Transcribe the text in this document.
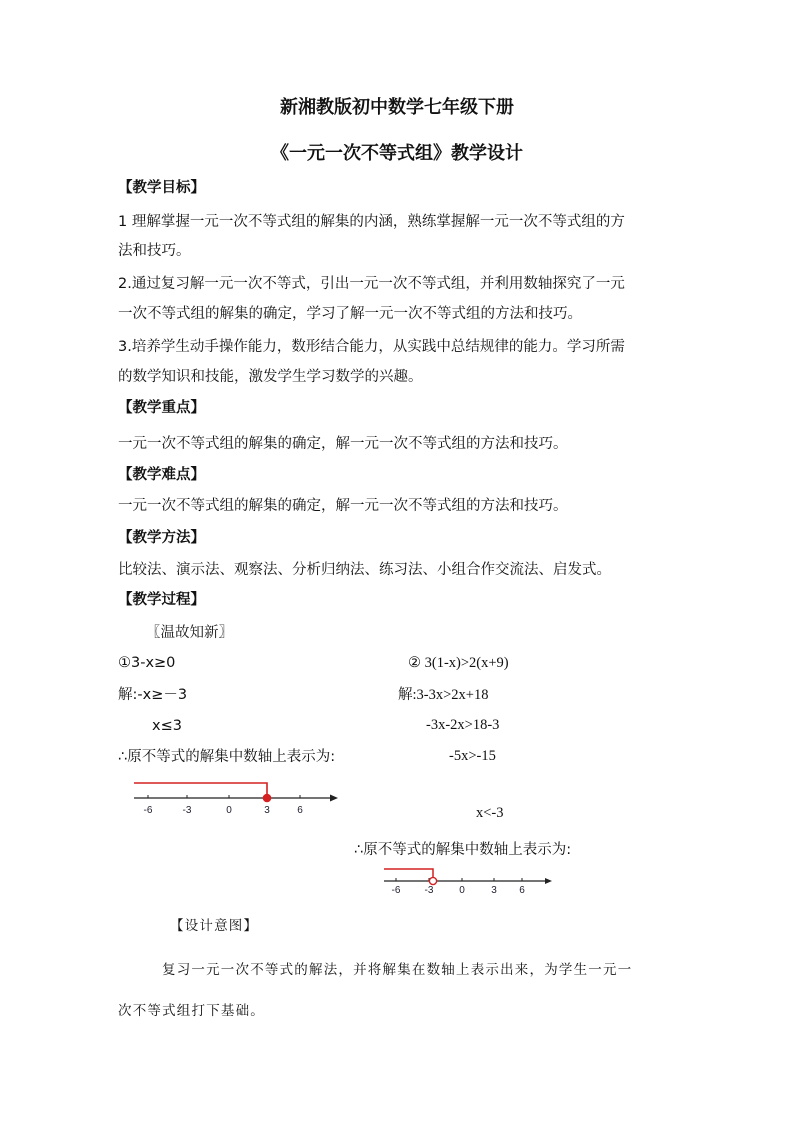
新湘教版初中数学七年级下册
《一元一次不等式组》教学设计
【教学目标】
1 理解掌握一元一次不等式组的解集的内涵，熟练掌握解一元一次不等式组的方
法和技巧。
2.通过复习解一元一次不等式，引出一元一次不等式组，并利用数轴探究了一元
一次不等式组的解集的确定，学习了解一元一次不等式组的方法和技巧。
3.培养学生动手操作能力，数形结合能力，从实践中总结规律的能力。学习所需
的数学知识和技能，激发学生学习数学的兴趣。
【教学重点】
一元一次不等式组的解集的确定，解一元一次不等式组的方法和技巧。
【教学难点】
一元一次不等式组的解集的确定，解一元一次不等式组的方法和技巧。
【教学方法】
比较法、演示法、观察法、分析归纳法、练习法、小组合作交流法、启发式。
【教学过程】
〖温故知新〗
①3-x≥0
解:-x≥－3
x≤3
∴原不等式的解集中数轴上表示为:
② 3(1-x)>2(x+9)
解:3-3x>2x+18
-3x-2x>18-3
-5x>-15
x<-3
∴原不等式的解集中数轴上表示为:
-6	-3	0	3	6
-6 -3	0	3 6
【设计意图】
复习一元一次不等式的解法，并将解集在数轴上表示出来，为学生一元一
次不等式组打下基础。
